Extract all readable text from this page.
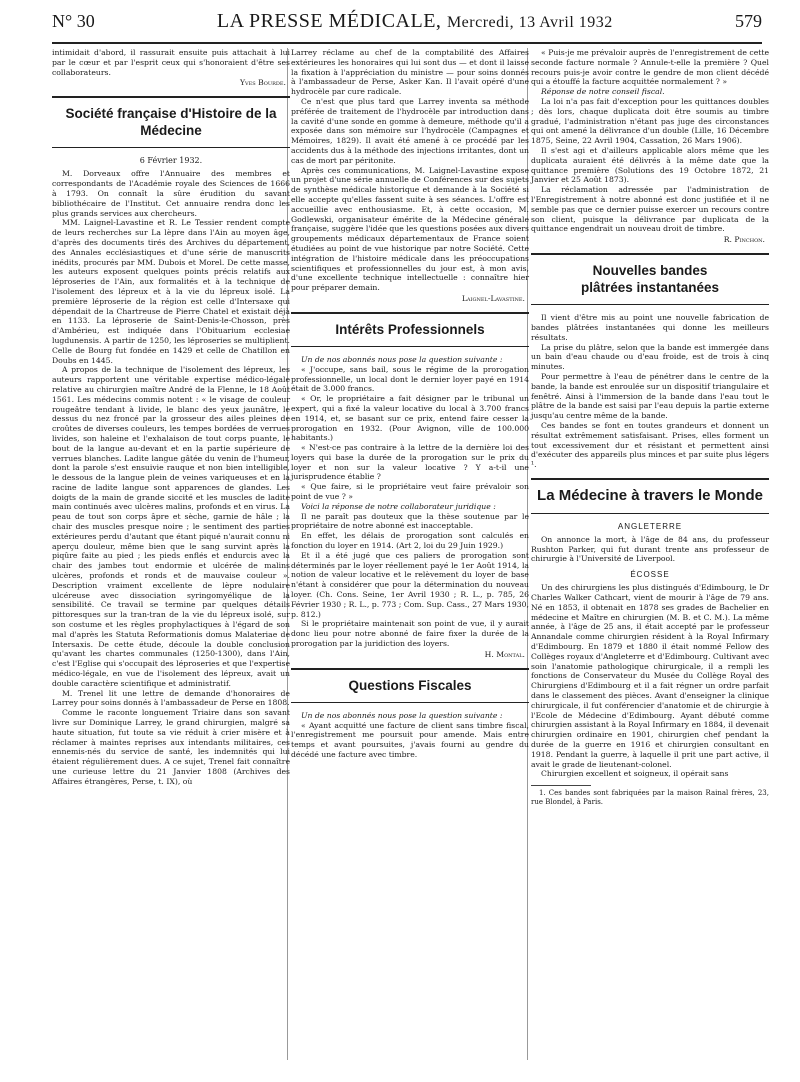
N° 30	LA PRESSE MÉDICALE, Mercredi, 13 Avril 1932	579

intimidait d'abord, il rassurait ensuite puis attachait à lui par le cœur et par l'esprit ceux qui s'honoraient d'être ses collaborateurs.

Yves Bourde.
Société française d'Histoire de la Médecine
6 Février 1932.

M. Dorveaux offre l'Annuaire des membres et correspondants de l'Académie royale des Sciences de 1666 à 1793. On connaît la sûre érudition du savant bibliothécaire de l'Institut. Cet annuaire rendra donc les plus grands services aux chercheurs.

MM. Laignel-Lavastine et R. Le Tessier rendent compte de leurs recherches sur La lèpre dans l'Ain au moyen âge, d'après des documents tirés des Archives du département, des Annales ecclésiastiques et d'une série de manuscrits inédits, procurés par MM. Dubois et Morel. De cette masse, les auteurs exposent quelques points précis relatifs aux léproseries de l'Ain, aux formalités et à la technique de l'isolement des lépreux et à la vie du lépreux isolé. La première léproserie de la région est celle d'Intersaxe qui dépendait de la Chartreuse de Pierre Chatel et existait déjà en 1133. La léproserie de Saint-Denis-le-Chosson, près d'Ambérieu, est indiquée dans l'Obituarium ecclesiae lugdunensis. A partir de 1250, les léproseries se multiplient. Celle de Bourg fut fondée en 1429 et celle de Chatillon en Doubs en 1445.

A propos de la technique de l'isolement des lépreux, les auteurs rapportent une véritable expertise médico-légale relative au chirurgien maître André de la Flenne, le 18 Août 1561. Les médecins commis notent : « le visage de couleur rougeâtre tendant à livide, le blanc des yeux jaunâtre, le dessus du nez froncé par la grosseur des ailes pleines de croûtes de diverses couleurs, les tempes bordées de verrues livides, son haleine et l'exhalaison de tout corps puante, le bout de la langue au-devant et en la partie supérieure de verrues blanches. Ladite langue gâtée du venin de l'humeur, dont la parole s'est ensuivie rauque et non bien intelligible, le dessous de la langue plein de veines variqueuses et en la racine de ladite langue sont apparences de glandes. Les doigts de la main de grande siccité et les muscles de ladite main continués avec ulcères malins, profonds et en virus. La peau de tout son corps âpre et sèche, garnie de hâle ; la chair des muscles presque noire ; le sentiment des parties extérieures perdu d'autant que étant piqué n'aurait connu ni aperçu douleur, même bien que le sang survint après la piqûre faite au pied ; les pieds enflés et endurcis avec la chair des jambes tout endormie et ulcérée de malins ulcères, profonds et ronds et de mauvaise couleur ». Description vraiment excellente de lèpre nodulaire ulcéreuse avec dissociation syringomyélique de la sensibilité. Ce travail se termine par quelques détails pittoresques sur la tran-tran de la vie du lépreux isolé, sur son costume et les règles prophylactiques à l'égard de son mal d'après les Statuta Reformationis domus Malateriae de Intersaxis. De cette étude, découle la double conclusion qu'avant les chartes communales (1250-1300), dans l'Ain, c'est l'Eglise qui s'occupait des léproseries et que l'expertise médico-légale, en vue de l'isolement des lépreux, avait un double caractère scientifique et administratif.

M. Trenel lit une lettre de demande d'honoraires de Larrey pour soins donnés à l'ambassadeur de Perse en 1808.

Comme le raconte longuement Triaire dans son savant livre sur Dominique Larrey, le grand chirurgien, malgré sa haute situation, fut toute sa vie réduit à crier misère et à réclamer à maintes reprises aux intendants militaires, ces ennemis-nés du service de santé, les indemnités qui lui étaient régulièrement dues. A ce sujet, Trenel fait connaître une curieuse lettre du 21 Janvier 1808 (Archives des Affaires étrangères, Perse, t. IX), où

Larrey réclame au chef de la comptabilité des Affaires extérieures les honoraires qui lui sont dus — et dont il laisse la fixation à l'appréciation du ministre — pour soins donnés à l'ambassadeur de Perse, Asker Kan. Il l'avait opéré d'une hydrocèle par cure radicale.

Ce n'est que plus tard que Larrey inventa sa méthode préférée de traitement de l'hydrocèle par introduction dans la cavité d'une sonde en gomme à demeure, méthode qu'il a exposée dans son mémoire sur l'hydrocèle (Campagnes et Mémoires, 1829). Il avait été amené à ce procédé par les accidents dus à la méthode des injections irritantes, dont un cas de mort par péritonite.

Après ces communications, M. Laignel-Lavastine expose un projet d'une série annuelle de Conférences sur des sujets de synthèse médicale historique et demande à la Société si elle accepte qu'elles fassent suite à ses séances. L'offre est accueillie avec enthousiasme. Et, à cette occasion, M. Godlewski, organisateur émérite de la Médecine générale française, suggère l'idée que les questions posées aux divers groupements médicaux départementaux de France soient étudiées au point de vue historique par notre Société. Cette intégration de l'histoire médicale dans les préoccupations scientifiques et professionnelles du jour est, à mon avis, d'une excellente technique intellectuelle : connaître hier pour préparer demain.

Laignel-Lavastine.
Intérêts Professionnels

Un de nos abonnés nous pose la question suivante :

« J'occupe, sans bail, sous le régime de la prorogation professionnelle, un local dont le dernier loyer payé en 1914 était de 3.000 francs.

« Or, le propriétaire a fait désigner par le tribunal un expert, qui a fixé la valeur locative du local à 3.700 francs en 1914, et, se basant sur ce prix, entend faire cesser la prorogation en 1932. (Pour Avignon, ville de 100.000 habitants.)

« N'est-ce pas contraire à la lettre de la dernière loi des loyers qui base la durée de la prorogation sur le prix du loyer et non sur la valeur locative ? Y a-t-il une jurisprudence établie ?

« Que faire, si le propriétaire veut faire prévaloir son point de vue ? »

Voici la réponse de notre collaborateur juridique :

Il ne paraît pas douteux que la thèse soutenue par le propriétaire de notre abonné est inacceptable.

En effet, les délais de prorogation sont calculés en fonction du loyer en 1914. (Art 2, loi du 29 Juin 1929.)

Et il a été jugé que ces paliers de prorogation sont déterminés par le loyer réellement payé le 1er Août 1914, la notion de valeur locative et le relèvement du loyer de base n'étant à considérer que pour la détermination du nouveau loyer. (Ch. Cons. Seine, 1er Avril 1930 ; R. L., p. 785, 26 Février 1930 ; R. L., p. 773 ; Com. Sup. Cass., 27 Mars 1930, p. 812.)

Si le propriétaire maintenait son point de vue, il y aurait donc lieu pour notre abonné de faire fixer la durée de la prorogation par la juridiction des loyers.

H. Montal.
Questions Fiscales

Un de nos abonnés nous pose la question suivante :

« Ayant acquitté une facture de client sans timbre fiscal, l'enregistrement me poursuit pour amende. Mais entre temps et avant poursuites, j'avais fourni au gendre du décédé une facture avec timbre.

« Puis-je me prévaloir auprès de l'enregistrement de cette seconde facture normale ? Annule-t-elle la première ? Quel recours puis-je avoir contre le gendre de mon client décédé qui a étouffé la facture acquittée normalement ? »

Réponse de notre conseil fiscal.

La loi n'a pas fait d'exception pour les quittances doubles ; dès lors, chaque duplicata doit être soumis au timbre gradué, l'administration n'étant pas juge des circonstances qui ont amené la délivrance d'un double (Lille, 16 Décembre 1875, Seine, 22 Avril 1904, Cassation, 26 Mars 1906).

Il s'est agi et d'ailleurs applicable alors même que les duplicata auraient été délivrés à la même date que la quittance première (Solutions des 19 Octobre 1872, 21 Janvier et 25 Août 1873).

La réclamation adressée par l'administration de l'Enregistrement à notre abonné est donc justifiée et il ne semble pas que ce dernier puisse exercer un recours contre son client, puisque la délivrance par duplicata de la quittance engendrait un nouveau droit de timbre.

R. Pinchon.
Nouvelles bandes
plâtrées instantanées

Il vient d'être mis au point une nouvelle fabrication de bandes plâtrées instantanées qui donne les meilleurs résultats.

La prise du plâtre, selon que la bande est immergée dans un bain d'eau chaude ou d'eau froide, est de trois à cinq minutes.

Pour permettre à l'eau de pénétrer dans le centre de la bande, la bande est enroulée sur un dispositif triangulaire et fenêtré. Ainsi à l'immersion de la bande dans l'eau tout le plâtre de la bande est saisi par l'eau depuis la partie externe jusqu'au centre même de la bande.

Ces bandes se font en toutes grandeurs et donnent un résultat extrêmement satisfaisant. Prises, elles forment un tout excessivement dur et résistant et permettent ainsi d'exécuter des appareils plus minces et par suite plus légers ¹.

La Médecine à travers le Monde
ANGLETERRE

On annonce la mort, à l'âge de 84 ans, du professeur Rushton Parker, qui fut durant trente ans professeur de chirurgie à l'Université de Liverpool.

ÉCOSSE

Un des chirurgiens les plus distingués d'Edimbourg, le Dr Charles Walker Cathcart, vient de mourir à l'âge de 79 ans. Né en 1853, il obtenait en 1878 ses grades de Bachelier en médecine et Maître en chirurgien (M. B. et C. M.). La même année, à l'âge de 25 ans, il était accepté par le professeur Annandale comme chirurgien résident à la Royal Infirmary d'Edimbourg. En 1879 et 1880 il était nommé Fellow des Collèges royaux d'Angleterre et d'Edimbourg. Cultivant avec soin l'anatomie pathologique chirurgicale, il a rempli les fonctions de Conservateur du Musée du Collège Royal des Chirurgiens d'Edimbourg et il a fait régner un ordre parfait dans le classement des pièces. Avant d'enseigner la clinique chirurgicale, il fut conférencier d'anatomie et de chirurgie à l'Ecole de Médecine d'Edimbourg. Ayant débuté comme chirurgien assistant à la Royal Infirmary en 1884, il devenait chirurgien ordinaire en 1901, chirurgien chef pendant la durée de la guerre en 1916 et chirurgien consultant en 1918. Pendant la guerre, à laquelle il prit une part active, il avait le grade de lieutenant-colonel.

Chirurgien excellent et soigneux, il opérait sans

1. Ces bandes sont fabriquées par la maison Rainal frères, 23, rue Blondel, à Paris.
